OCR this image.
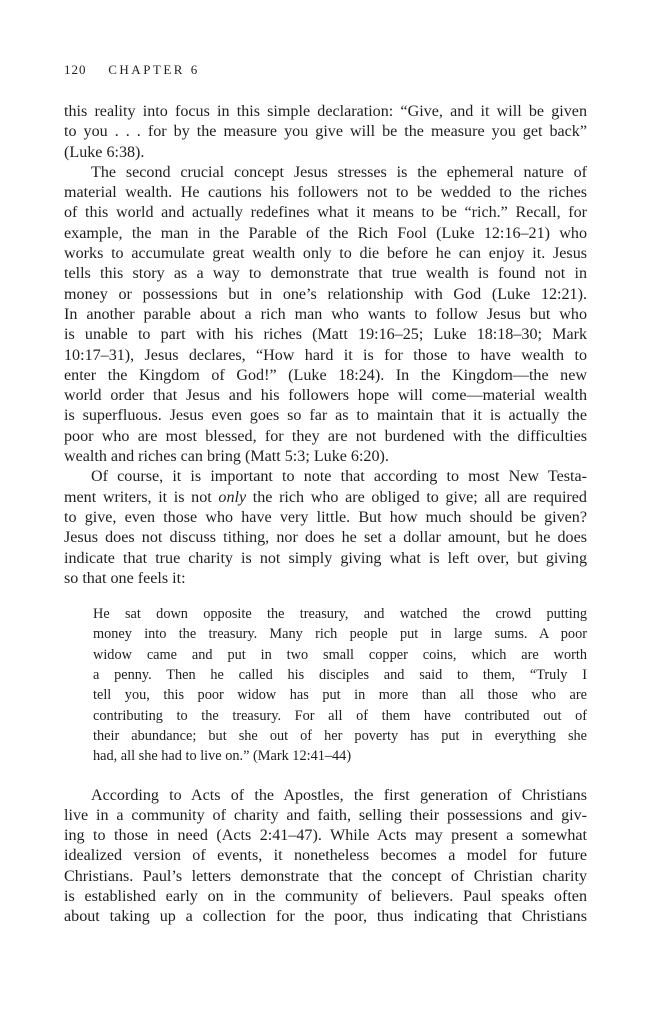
120 CHAPTER 6
this reality into focus in this simple declaration: “Give, and it will be given
to you . . . for by the measure you give will be the measure you get back”
(Luke 6:38).
The second crucial concept Jesus stresses is the ephemeral nature of
material wealth. He cautions his followers not to be wedded to the riches
of this world and actually redefines what it means to be “rich.” Recall, for
example, the man in the Parable of the Rich Fool (Luke 12:16–21) who
works to accumulate great wealth only to die before he can enjoy it. Jesus
tells this story as a way to demonstrate that true wealth is found not in
money or possessions but in one’s relationship with God (Luke 12:21).
In another parable about a rich man who wants to follow Jesus but who
is unable to part with his riches (Matt 19:16–25; Luke 18:18–30; Mark
10:17–31), Jesus declares, “How hard it is for those to have wealth to
enter the Kingdom of God!” (Luke 18:24). In the Kingdom—the new
world order that Jesus and his followers hope will come—material wealth
is superfluous. Jesus even goes so far as to maintain that it is actually the
poor who are most blessed, for they are not burdened with the difficulties
wealth and riches can bring (Matt 5:3; Luke 6:20).
Of course, it is important to note that according to most New Testa-
ment writers, it is not only the rich who are obliged to give; all are required
to give, even those who have very little. But how much should be given?
Jesus does not discuss tithing, nor does he set a dollar amount, but he does
indicate that true charity is not simply giving what is left over, but giving
so that one feels it:
He sat down opposite the treasury, and watched the crowd putting
money into the treasury. Many rich people put in large sums. A poor
widow came and put in two small copper coins, which are worth
a penny. Then he called his disciples and said to them, “Truly I
tell you, this poor widow has put in more than all those who are
contributing to the treasury. For all of them have contributed out of
their abundance; but she out of her poverty has put in everything she
had, all she had to live on.” (Mark 12:41–44)
According to Acts of the Apostles, the first generation of Christians
live in a community of charity and faith, selling their possessions and giv-
ing to those in need (Acts 2:41–47). While Acts may present a somewhat
idealized version of events, it nonetheless becomes a model for future
Christians. Paul’s letters demonstrate that the concept of Christian charity
is established early on in the community of believers. Paul speaks often
about taking up a collection for the poor, thus indicating that Christians
